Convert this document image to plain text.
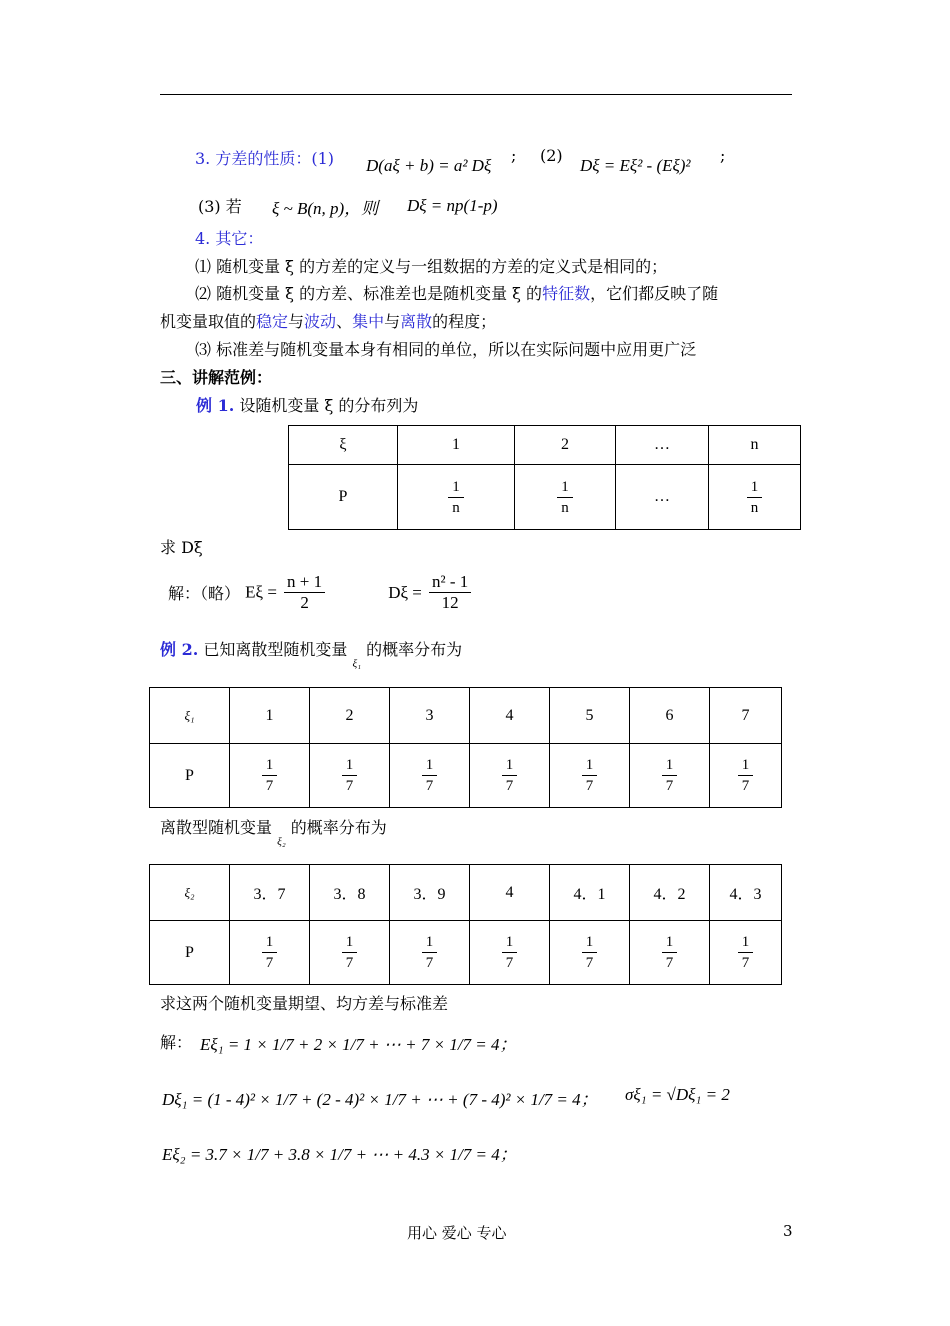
3. 方差的性质：(1) D(aξ + b) = a² Dξ
; (2)
Dξ = Eξ² - (Eξ)²
;
(3) 若 ξ ~ B(n, p)，则 Dξ = np(1-p)
4. 其它：
⑴ 随机变量 ξ 的方差的定义与一组数据的方差的定义式是相同的；
⑵ 随机变量 ξ 的方差、标准差也是随机变量 ξ 的特征数，它们都反映了随
机变量取值的稳定与波动、集中与离散的程度；
⑶ 标准差与随机变量本身有相同的单位，所以在实际问题中应用更广泛
三、讲解范例：
例 1. 设随机变量 ξ 的分布列为
ξ	1	2	…	n
P	$\frac{1}{n}$	$\frac{1}{n}$	…	$\frac{1}{n}$
求 Dξ
解：（略） $E\xi = \frac{n + 1}{2}$	$D\xi = \frac{\text{n² - 1}}{12}$
例 2. 已知离散型随机变量 $_{\xi_1}$ 的概率分布为
ξ₁	1	2	3	4	5	6	7
P	$\frac{1}{7}$	$\frac{1}{7}$	$\frac{1}{7}$	$\frac{1}{7}$	$\frac{1}{7}$	$\frac{1}{7}$	$\frac{1}{7}$
离散型随机变量 $_{\xi_2}$ 的概率分布为
ξ₂	3．7	3．8	3．9	4	4．1	4．2	4．3
P	$\frac{1}{7}$	$\frac{1}{7}$	$\frac{1}{7}$	$\frac{1}{7}$	$\frac{1}{7}$	$\frac{1}{7}$	$\frac{1}{7}$
求这两个随机变量期望、均方差与标准差
解： Eξ₁ = 1 × 1/7 + 2 × 1/7 + ⋯ + 7 × 1/7 = 4；
Dξ₁ = (1 - 4)² × 1/7 + (2 - 4)² × 1/7 + ⋯ + (7 - 4)² × 1/7 = 4； σξ₁ = √Dξ₁ = 2
Eξ₂ = 3.7 × 1/7 + 3.8 × 1/7 + ⋯ + 4.3 × 1/7 = 4；
用心 爱心 专心	3
